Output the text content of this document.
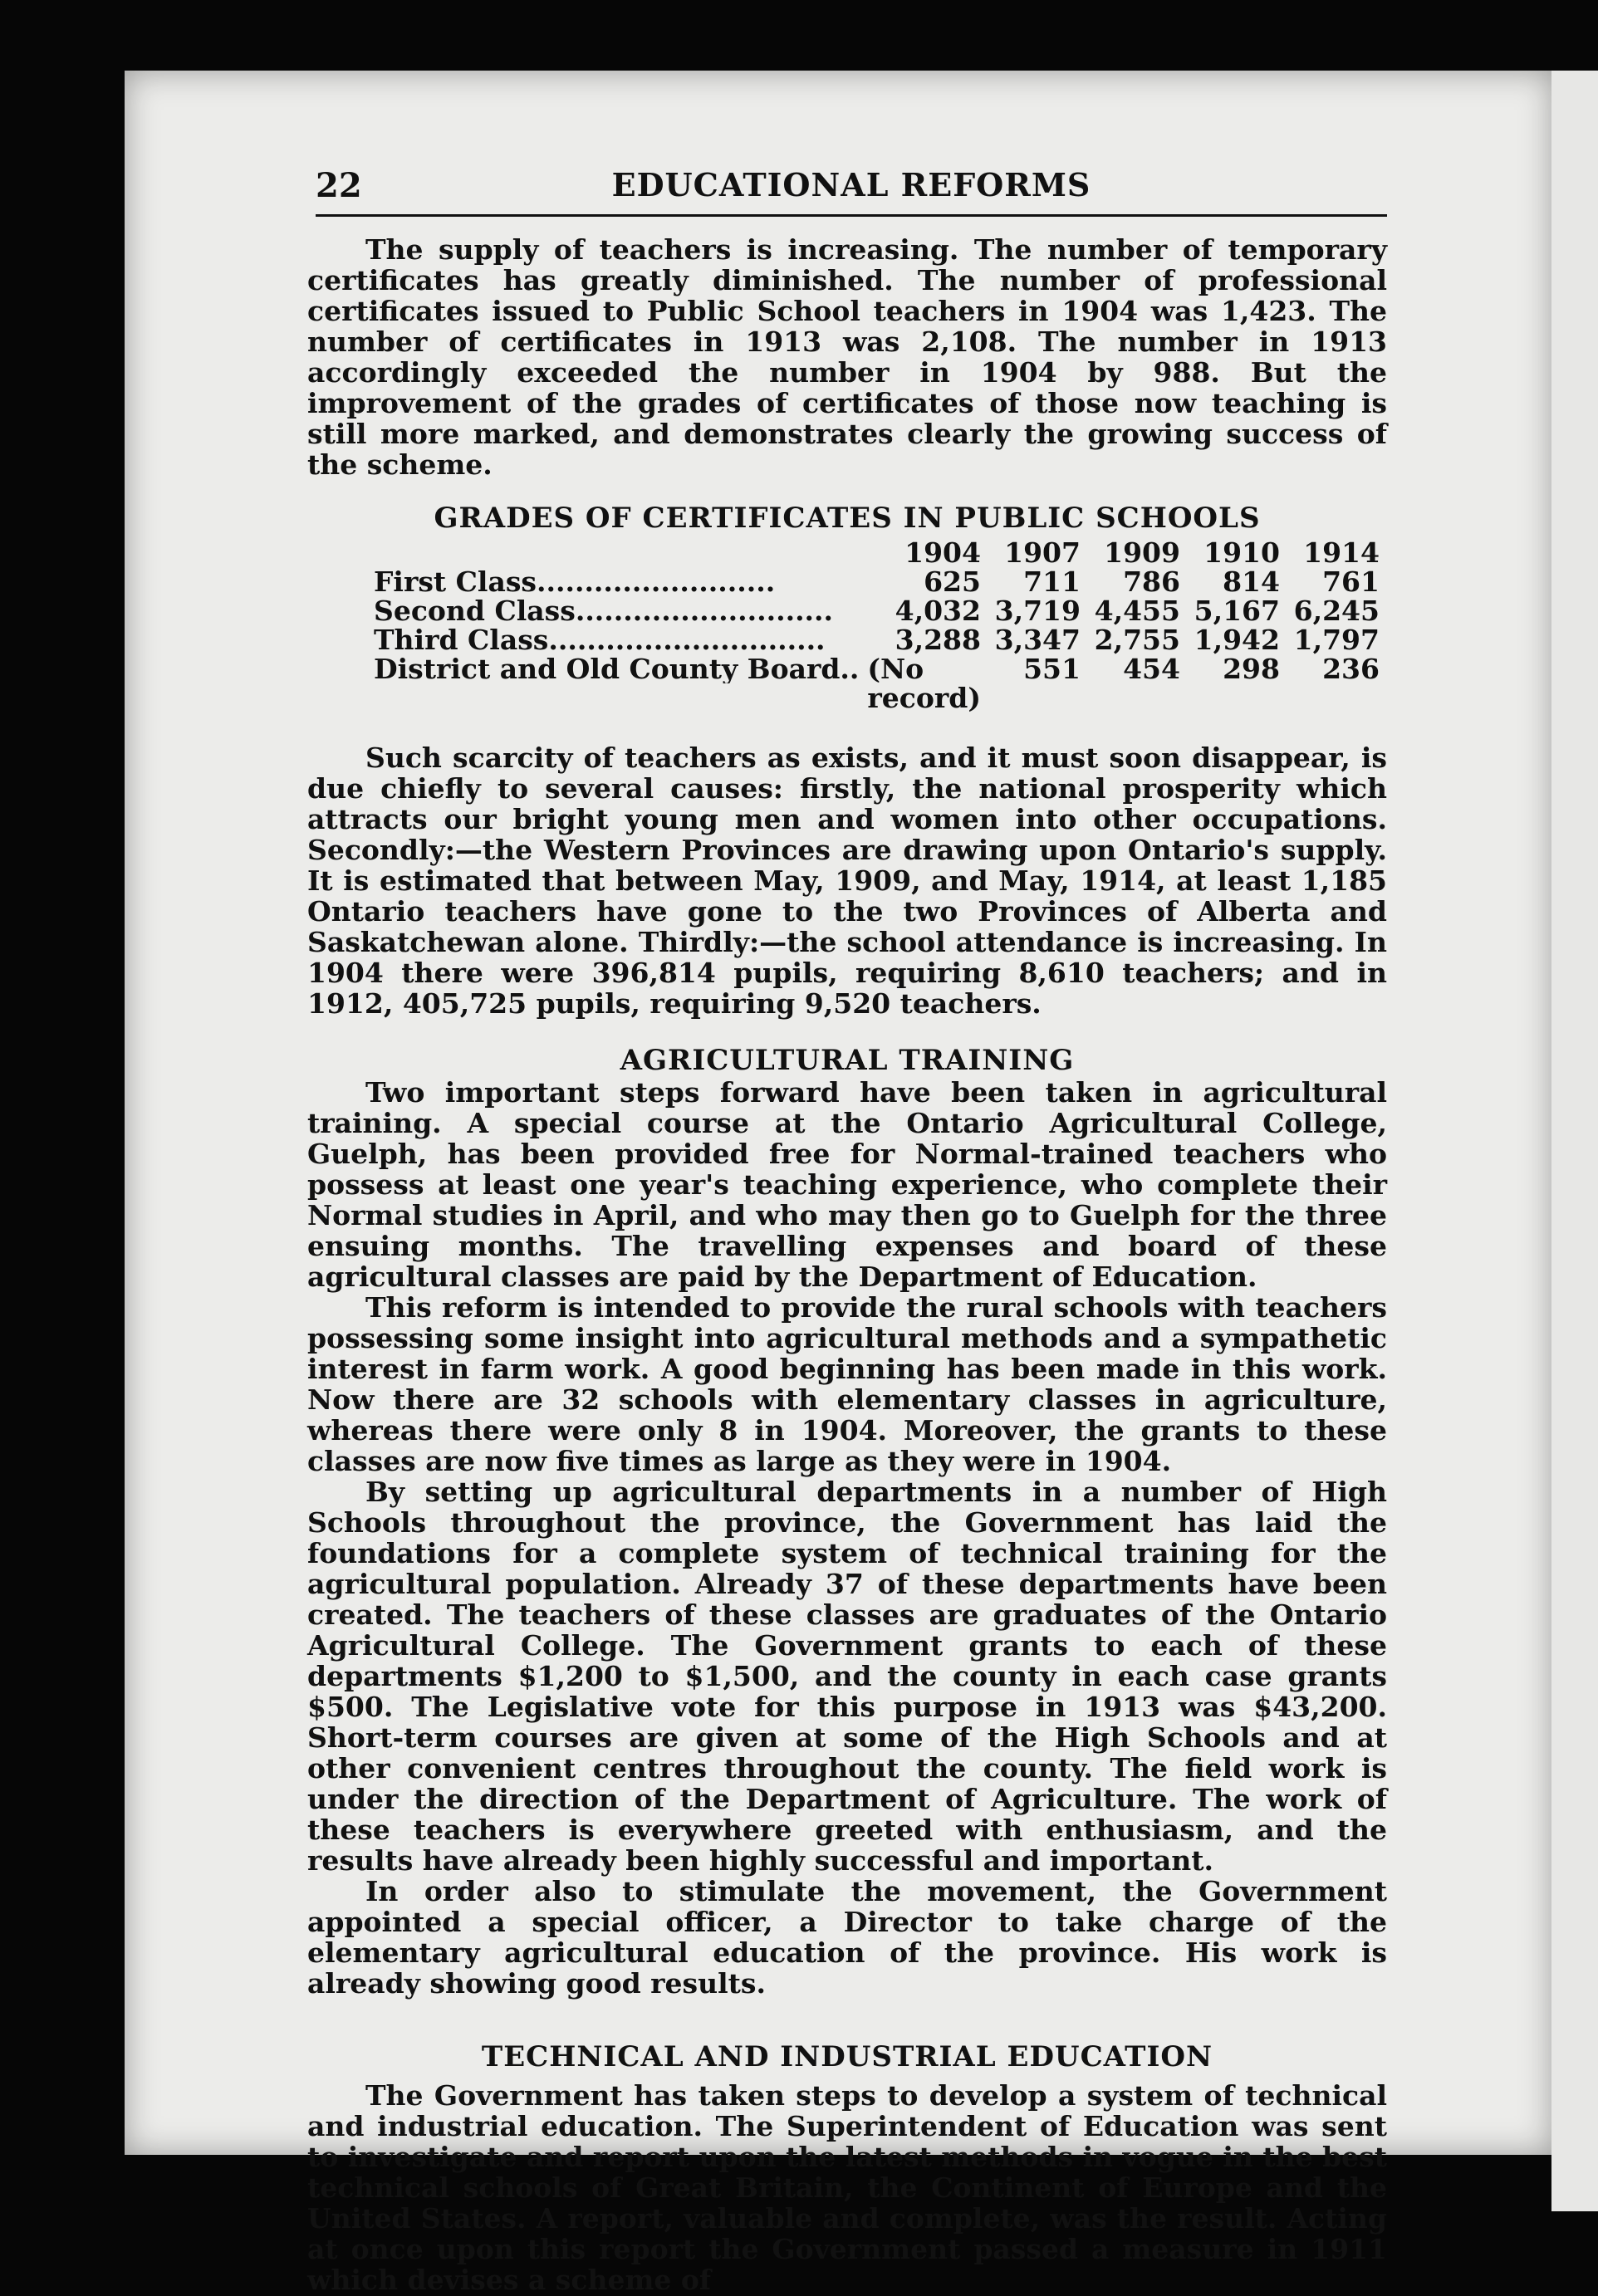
22	EDUCATIONAL REFORMS

The supply of teachers is increasing. The number of temporary certificates has greatly diminished. The number of professional certificates issued to Public School teachers in 1904 was 1,423. The number of certificates in 1913 was 2,108. The number in 1913 accordingly exceeded the number in 1904 by 988. But the improvement of the grades of certificates of those now teaching is still more marked, and demonstrates clearly the growing success of the scheme.

GRADES OF CERTIFICATES IN PUBLIC SCHOOLS
	1904	1907	1909	1910	1914
First Class.........................	625	711	786	814	761
Second Class...........................	4,032	3,719	4,455	5,167	6,245
Third Class.............................	3,288	3,347	2,755	1,942	1,797
District and Old County Board..	(No	551	454	298	236
	record)				

Such scarcity of teachers as exists, and it must soon disappear, is due chiefly to several causes: firstly, the national prosperity which attracts our bright young men and women into other occupations. Secondly:—the Western Provinces are drawing upon Ontario's supply. It is estimated that between May, 1909, and May, 1914, at least 1,185 Ontario teachers have gone to the two Provinces of Alberta and Saskatchewan alone. Thirdly:—the school attendance is increasing. In 1904 there were 396,814 pupils, requiring 8,610 teachers; and in 1912, 405,725 pupils, requiring 9,520 teachers.

AGRICULTURAL TRAINING

Two important steps forward have been taken in agricultural training. A special course at the Ontario Agricultural College, Guelph, has been provided free for Normal-trained teachers who possess at least one year's teaching experience, who complete their Normal studies in April, and who may then go to Guelph for the three ensuing months. The travelling expenses and board of these agricultural classes are paid by the Department of Education.

This reform is intended to provide the rural schools with teachers possessing some insight into agricultural methods and a sympathetic interest in farm work. A good beginning has been made in this work. Now there are 32 schools with elementary classes in agriculture, whereas there were only 8 in 1904. Moreover, the grants to these classes are now five times as large as they were in 1904.

By setting up agricultural departments in a number of High Schools throughout the province, the Government has laid the foundations for a complete system of technical training for the agricultural population. Already 37 of these departments have been created. The teachers of these classes are graduates of the Ontario Agricultural College. The Government grants to each of these departments $1,200 to $1,500, and the county in each case grants $500. The Legislative vote for this purpose in 1913 was $43,200. Short-term courses are given at some of the High Schools and at other convenient centres throughout the county. The field work is under the direction of the Department of Agriculture. The work of these teachers is everywhere greeted with enthusiasm, and the results have already been highly successful and important.

In order also to stimulate the movement, the Government appointed a special officer, a Director to take charge of the elementary agricultural education of the province. His work is already showing good results.

TECHNICAL AND INDUSTRIAL EDUCATION

The Government has taken steps to develop a system of technical and industrial education. The Superintendent of Education was sent to investigate and report upon the latest methods in vogue in the best technical schools of Great Britain, the Continent of Europe and the United States. A report, valuable and complete, was the result. Acting at once upon this report the Government passed a measure in 1911 which devises a scheme of
